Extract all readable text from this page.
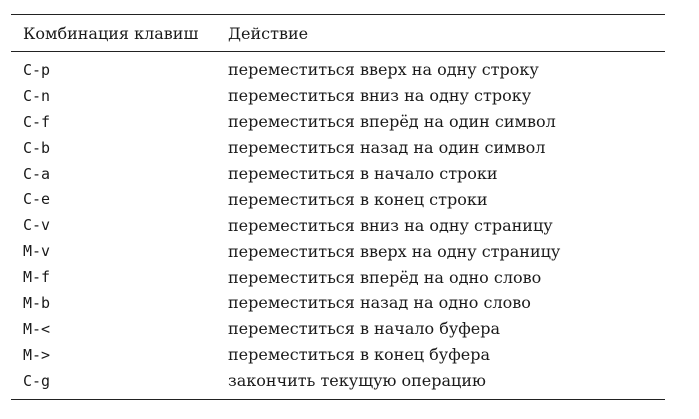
Комбинация клавиш	Действие
C-p	переместиться вверх на одну строку
C-n	переместиться вниз на одну строку
C-f	переместиться вперёд на один символ
C-b	переместиться назад на один символ
C-a	переместиться в начало строки
C-e	переместиться в конец строки
C-v	переместиться вниз на одну страницу
M-v	переместиться вверх на одну страницу
M-f	переместиться вперёд на одно слово
M-b	переместиться назад на одно слово
M-<	переместиться в начало буфера
M->	переместиться в конец буфера
C-g	закончить текущую операцию
